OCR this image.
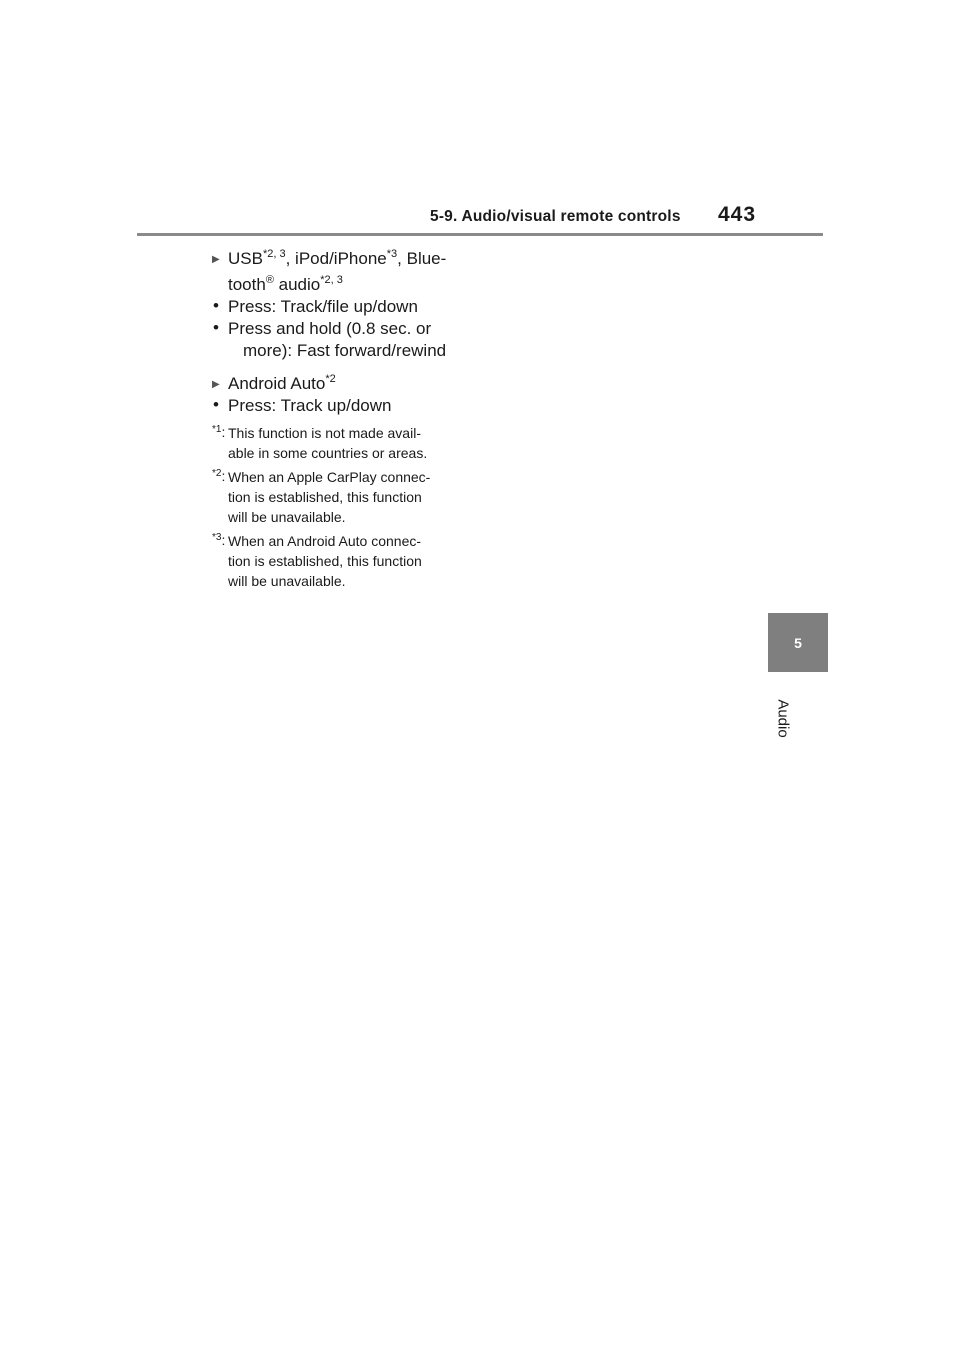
5-9. Audio/visual remote controls 443
5
Audio
▶ USB$^{*2, 3}$, iPod/iPhone$^{*3}$, Blue-
tooth® audio$^{*2, 3}$
• Press: Track/file up/down
• Press and hold (0.8 sec. or
more): Fast forward/rewind
▶ Android Auto$^{*2}$
• Press: Track up/down
$^{*1}$: This function is not made avail-
able in some countries or areas.
$^{*2}$: When an Apple CarPlay connec-
tion is established, this function
will be unavailable.
$^{*3}$: When an Android Auto connec-
tion is established, this function
will be unavailable.
